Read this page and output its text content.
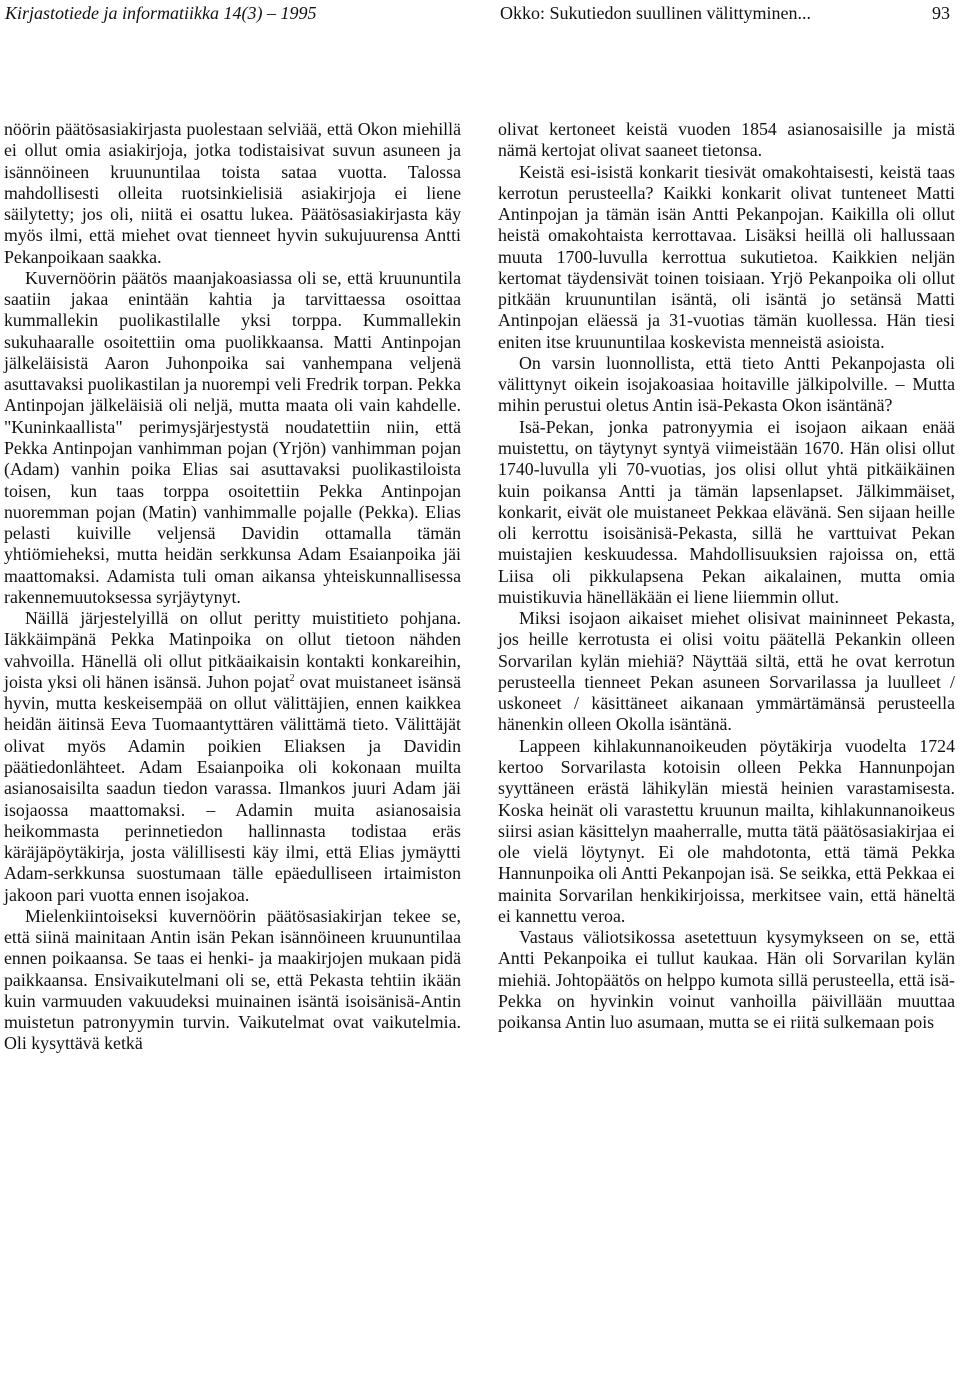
Kirjastotiede ja informatiikka 14(3) – 1995	Okko: Sukutiedon suullinen välittyminen...	93

nöörin päätösasiakirjasta puolestaan selviää, että Okon miehillä ei ollut omia asiakirjoja, jotka todistaisivat suvun asuneen ja isännöineen kruununtilaa toista sataa vuotta. Talossa mahdollisesti olleita ruotsinkielisiä asiakirjoja ei liene säilytetty; jos oli, niitä ei osattu lukea. Päätösasiakirjasta käy myös ilmi, että miehet ovat tienneet hyvin sukujuurensa Antti Pekanpoikaan saakka.

Kuvernöörin päätös maanjakoasiassa oli se, että kruununtila saatiin jakaa enintään kahtia ja tarvittaessa osoittaa kummallekin puolikastilalle yksi torppa. Kummallekin sukuhaaralle osoitettiin oma puolikkaansa. Matti Antinpojan jälkeläisistä Aaron Juhonpoika sai vanhempana veljenä asuttavaksi puolikastilan ja nuorempi veli Fredrik torpan. Pekka Antinpojan jälkeläisiä oli neljä, mutta maata oli vain kahdelle. "Kuninkaallista" perimysjärjestystä noudatettiin niin, että Pekka Antinpojan vanhimman pojan (Yrjön) vanhimman pojan (Adam) vanhin poika Elias sai asuttavaksi puolikastiloista toisen, kun taas torppa osoitettiin Pekka Antinpojan nuoremman pojan (Matin) vanhimmalle pojalle (Pekka). Elias pelasti kuiville veljensä Davidin ottamalla tämän yhtiömieheksi, mutta heidän serkkunsa Adam Esaianpoika jäi maattomaksi. Adamista tuli oman aikansa yhteiskunnallisessa rakennemuutoksessa syrjäytynyt.

Näillä järjestelyillä on ollut peritty muistitieto pohjana. Iäkkäimpänä Pekka Matinpoika on ollut tietoon nähden vahvoilla. Hänellä oli ollut pitkäaikaisin kontakti konkareihin, joista yksi oli hänen isänsä. Juhon pojat$^2$ ovat muistaneet isänsä hyvin, mutta keskeisempää on ollut välittäjien, ennen kaikkea heidän äitinsä Eeva Tuomaantyttären välittämä tieto. Välittäjät olivat myös Adamin poikien Eliaksen ja Davidin päätiedonlähteet. Adam Esaianpoika oli kokonaan muilta asianosaisilta saadun tiedon varassa. Ilmankos juuri Adam jäi isojaossa maattomaksi. – Adamin muita asianosaisia heikommasta perinnetiedon hallinnasta todistaa eräs käräjäpöytäkirja, josta välillisesti käy ilmi, että Elias jymäytti Adam-serkkunsa suostumaan tälle epäedulliseen irtaimiston jakoon pari vuotta ennen isojakoa.

Mielenkiintoiseksi kuvernöörin päätösasiakirjan tekee se, että siinä mainitaan Antin isän Pekan isännöineen kruununtilaa ennen poikaansa. Se taas ei henki- ja maakirjojen mukaan pidä paikkaansa. Ensivaikutelmani oli se, että Pekasta tehtiin ikään kuin varmuuden vakuudeksi muinainen isäntä isoisänisä-Antin muistetun patronyymin turvin. Vaikutelmat ovat vaikutelmia. Oli kysyttävä ketkä

olivat kertoneet keistä vuoden 1854 asianosaisille ja mistä nämä kertojat olivat saaneet tietonsa.

Keistä esi-isistä konkarit tiesivät omakohtaisesti, keistä taas kerrotun perusteella? Kaikki konkarit olivat tunteneet Matti Antinpojan ja tämän isän Antti Pekanpojan. Kaikilla oli ollut heistä omakohtaista kerrottavaa. Lisäksi heillä oli hallussaan muuta 1700-luvulla kerrottua sukutietoa. Kaikkien neljän kertomat täydensivät toinen toisiaan. Yrjö Pekanpoika oli ollut pitkään kruununtilan isäntä, oli isäntä jo setänsä Matti Antinpojan eläessä ja 31-vuotias tämän kuollessa. Hän tiesi eniten itse kruununtilaa koskevista menneistä asioista.

On varsin luonnollista, että tieto Antti Pekanpojasta oli välittynyt oikein isojakoasiaa hoitaville jälkipolville. – Mutta mihin perustui oletus Antin isä-Pekasta Okon isäntänä?

Isä-Pekan, jonka patronyymia ei isojaon aikaan enää muistettu, on täytynyt syntyä viimeistään 1670. Hän olisi ollut 1740-luvulla yli 70-vuotias, jos olisi ollut yhtä pitkäikäinen kuin poikansa Antti ja tämän lapsenlapset. Jälkimmäiset, konkarit, eivät ole muistaneet Pekkaa elävänä. Sen sijaan heille oli kerrottu isoisänisä-Pekasta, sillä he varttuivat Pekan muistajien keskuudessa. Mahdollisuuksien rajoissa on, että Liisa oli pikkulapsena Pekan aikalainen, mutta omia muistikuvia hänelläkään ei liene liiemmin ollut.

Miksi isojaon aikaiset miehet olisivat maininneet Pekasta, jos heille kerrotusta ei olisi voitu päätellä Pekankin olleen Sorvarilan kylän miehiä? Näyttää siltä, että he ovat kerrotun perusteella tienneet Pekan asuneen Sorvarilassa ja luulleet / uskoneet / käsittäneet aikanaan ymmärtämänsä perusteella hänenkin olleen Okolla isäntänä.

Lappeen kihlakunnanoikeuden pöytäkirja vuodelta 1724 kertoo Sorvarilasta kotoisin olleen Pekka Hannunpojan syyttäneen erästä lähikylän miestä heinien varastamisesta. Koska heinät oli varastettu kruunun mailta, kihlakunnanoikeus siirsi asian käsittelyn maaherralle, mutta tätä päätösasiakirjaa ei ole vielä löytynyt. Ei ole mahdotonta, että tämä Pekka Hannunpoika oli Antti Pekanpojan isä. Se seikka, että Pekkaa ei mainita Sorvarilan henkikirjoissa, merkitsee vain, että häneltä ei kannettu veroa.

Vastaus väliotsikossa asetettuun kysymykseen on se, että Antti Pekanpoika ei tullut kaukaa. Hän oli Sorvarilan kylän miehiä. Johtopäätös on helppo kumota sillä perusteella, että isä-Pekka on hyvinkin voinut vanhoilla päivillään muuttaa poikansa Antin luo asumaan, mutta se ei riitä sulkemaan pois
